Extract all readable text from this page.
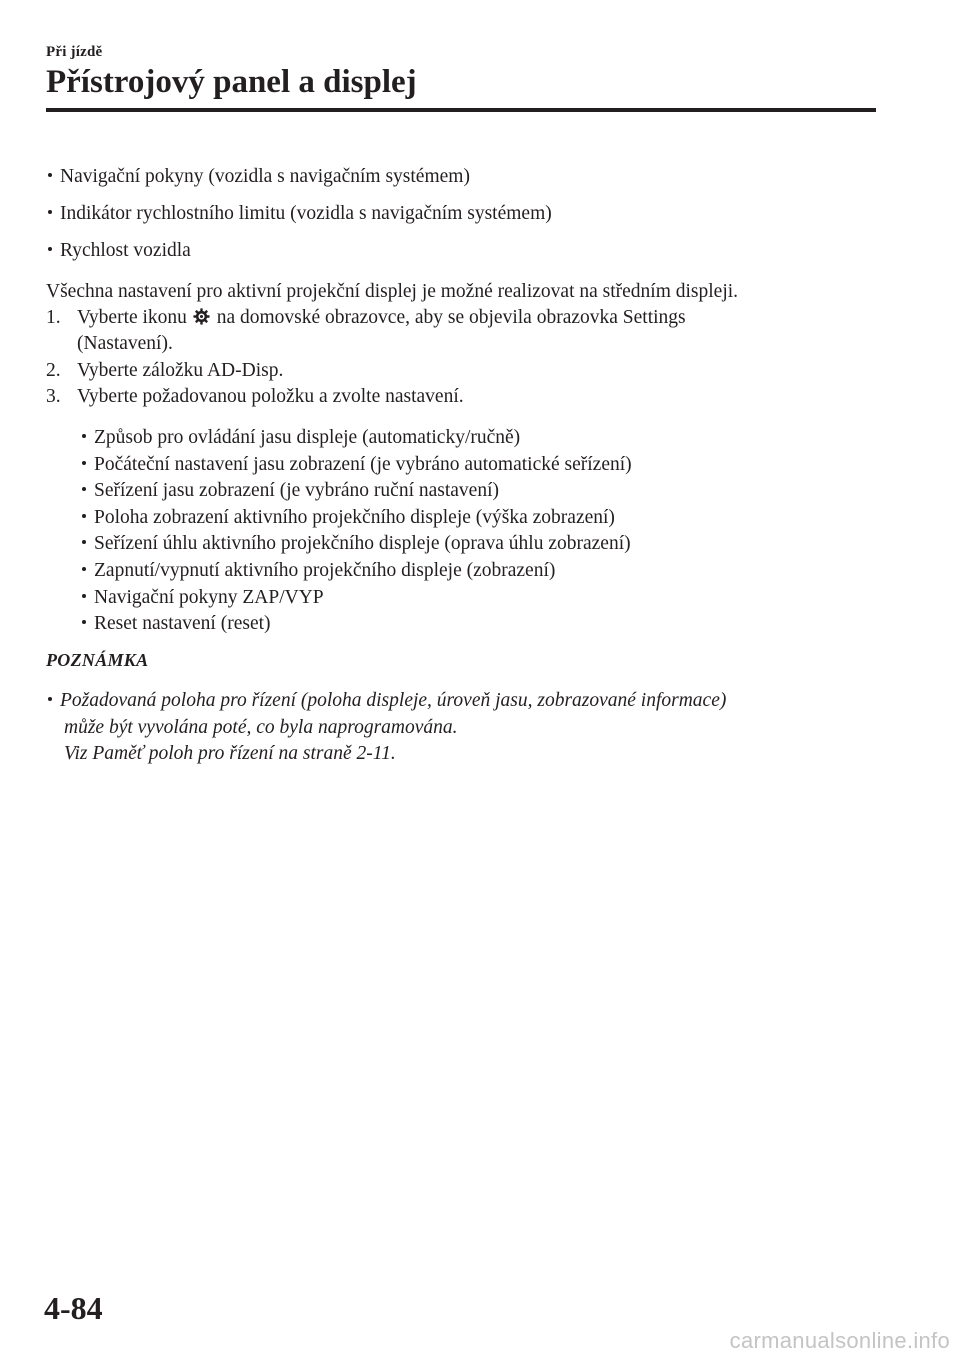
Při jízdě
Přístrojový panel a displej
Navigační pokyny (vozidla s navigačním systémem)
Indikátor rychlostního limitu (vozidla s navigačním systémem)
Rychlost vozidla
Všechna nastavení pro aktivní projekční displej je možné realizovat na středním displeji.
1. Vyberte ikonu na domovské obrazovce, aby se objevila obrazovka Settings
(Nastavení).
2. Vyberte záložku AD-Disp.
3. Vyberte požadovanou položku a zvolte nastavení.
Způsob pro ovládání jasu displeje (automaticky/ručně)
Počáteční nastavení jasu zobrazení (je vybráno automatické seřízení)
Seřízení jasu zobrazení (je vybráno ruční nastavení)
Poloha zobrazení aktivního projekčního displeje (výška zobrazení)
Seřízení úhlu aktivního projekčního displeje (oprava úhlu zobrazení)
Zapnutí/vypnutí aktivního projekčního displeje (zobrazení)
Navigační pokyny ZAP/VYP
Reset nastavení (reset)
POZNÁMKA
Požadovaná poloha pro řízení (poloha displeje, úroveň jasu, zobrazované informace)
může být vyvolána poté, co byla naprogramována.
Viz Paměť poloh pro řízení na straně 2-11.
4-84
carmanualsonline.info
